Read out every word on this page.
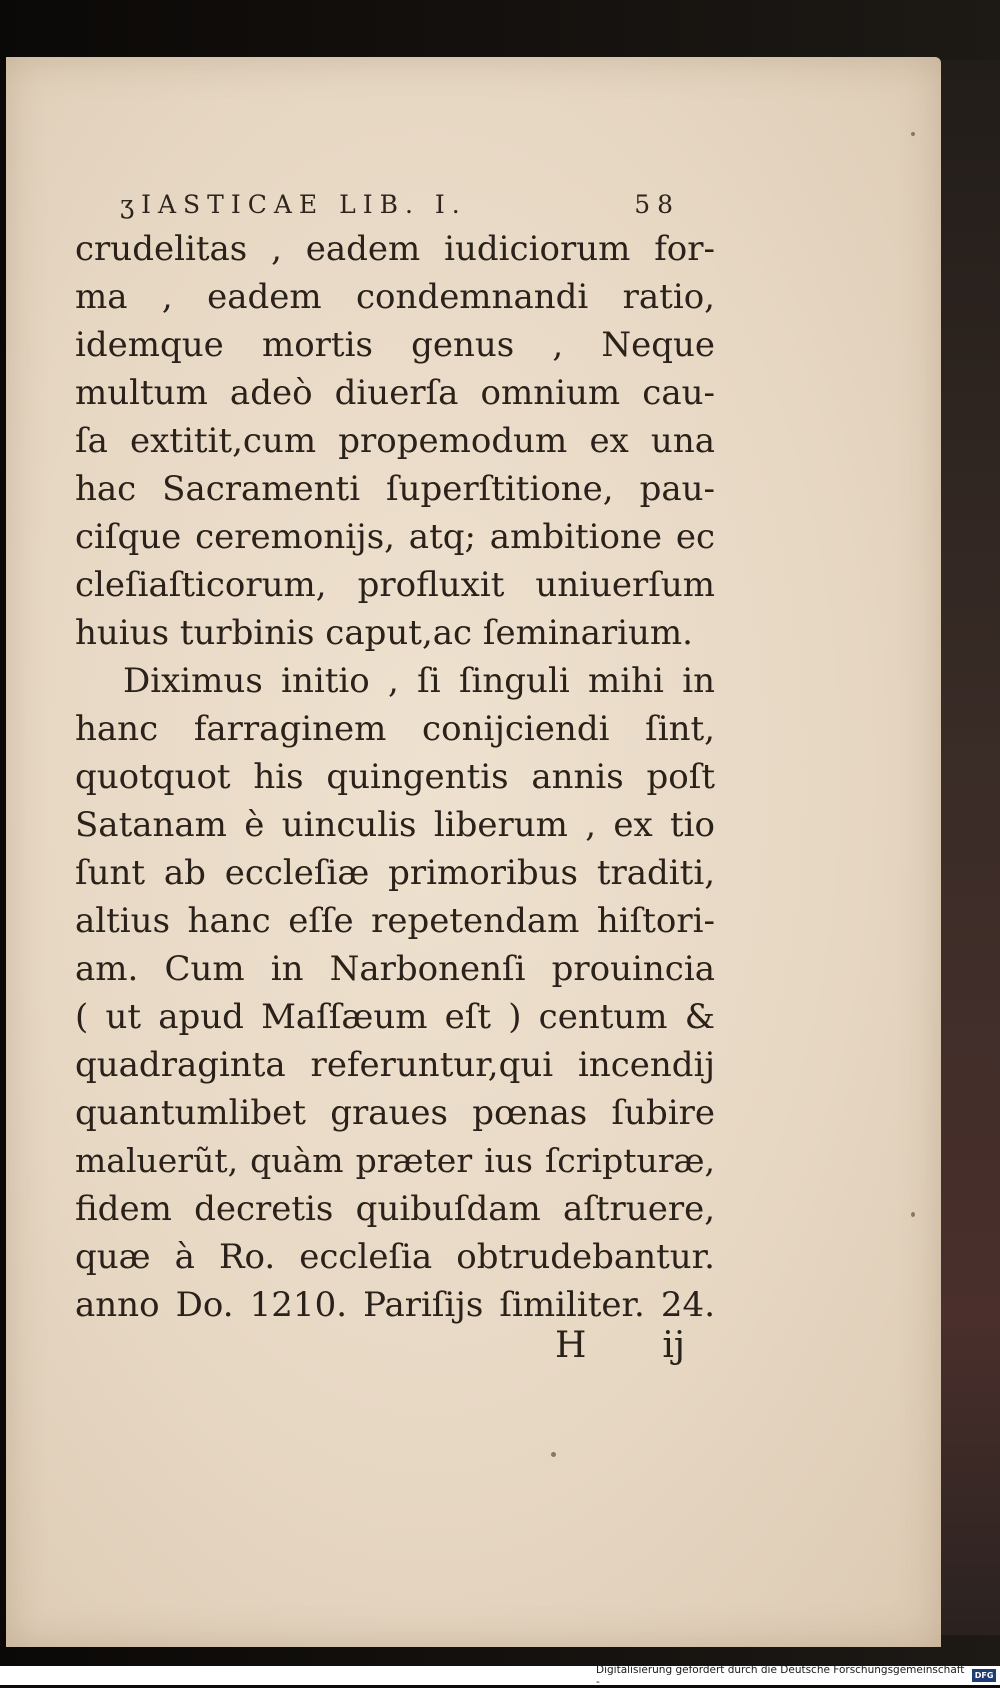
ʒIASTICAE LIB. I.	58
crudelitas , eadem iudiciorum for-
ma , eadem condemnandi ratio,
idemque mortis genus , Neque
multum adeò diuerſa omnium cau-
ſa extitit,cum propemodum ex una
hac Sacramenti ſuperſtitione, pau-
ciſque ceremonijs, atq; ambitione ec
cleſiaſticorum, profluxit uniuerſum
huius turbinis caput,ac ſeminarium.
Diximus initio , ſi ſinguli mihi in
hanc farraginem conijciendi ſint,
quotquot his quingentis annis poſt
Satanam è uinculis liberum , ex tio
ſunt ab eccleſiæ primoribus traditi,
altius hanc eſſe repetendam hiſtori-
am. Cum in Narbonenſi prouincia
( ut apud Maſſæum eſt ) centum &
quadraginta referuntur,qui incendij
quantumlibet graues pœnas ſubire
maluerũt, quàm præter ius ſcripturæ,
fidem decretis quibuſdam aſtruere,
quæ à Ro. eccleſia obtrudebantur.
anno Do. 1210. Pariſijs ſimiliter. 24.
H ij
Digitalisierung gefördert durch die Deutsche Forschungsgemeinschaft -	DFG
